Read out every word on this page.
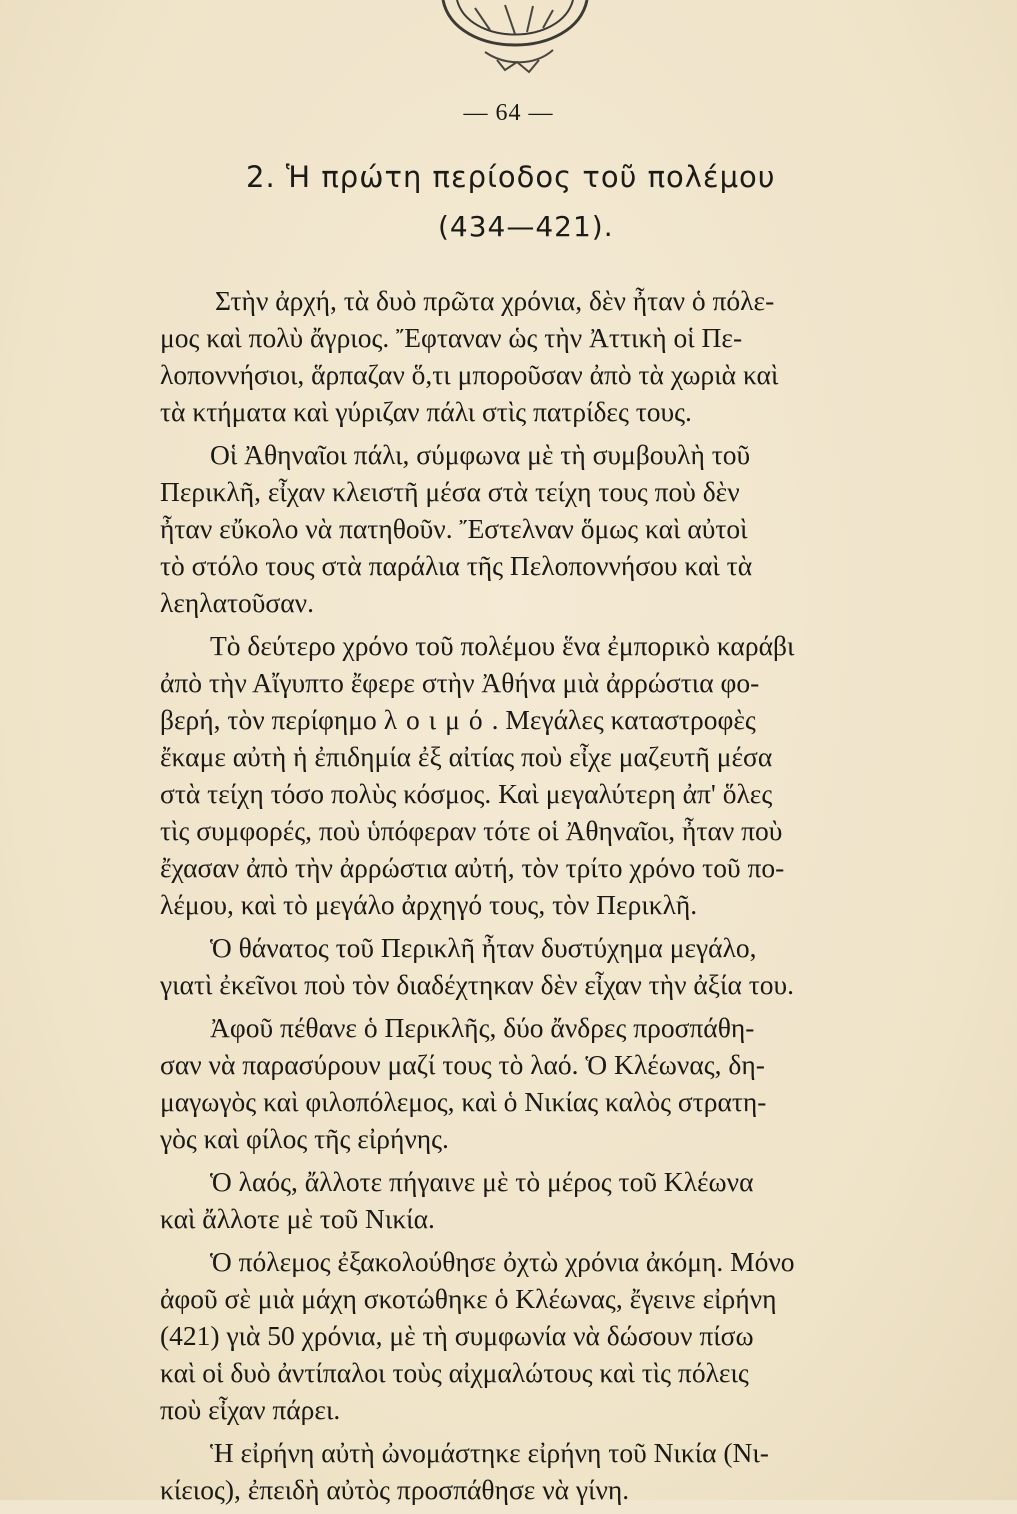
— 64 —
2. Ἡ πρώτη περίοδος τοῦ πολέμου
(434—421).

Στὴν ἀρχή, τὰ δυὸ πρῶτα χρόνια, δὲν ἦταν ὁ πόλε-
μος καὶ πολὺ ἄγριος. Ἔφταναν ὡς τὴν Ἀττικὴ οἱ Πε-
λοποννήσιοι, ἅρπαζαν ὅ,τι μποροῦσαν ἀπὸ τὰ χωριὰ καὶ
τὰ κτήματα καὶ γύριζαν πάλι στὶς πατρίδες τους.

Οἱ Ἀθηναῖοι πάλι, σύμφωνα μὲ τὴ συμβουλὴ τοῦ
Περικλῆ, εἶχαν κλειστῆ μέσα στὰ τείχη τους ποὺ δὲν
ἦταν εὔκολο νὰ πατηθοῦν. Ἔστελναν ὅμως καὶ αὐτοὶ
τὸ στόλο τους στὰ παράλια τῆς Πελοποννήσου καὶ τὰ
λεηλατοῦσαν.

Τὸ δεύτερο χρόνο τοῦ πολέμου ἕνα ἐμπορικὸ καράβι
ἀπὸ τὴν Αἴγυπτο ἔφερε στὴν Ἀθήνα μιὰ ἀρρώστια φο-
βερή, τὸν περίφημο λοιμό. Μεγάλες καταστροφὲς
ἔκαμε αὐτὴ ἡ ἐπιδημία ἐξ αἰτίας ποὺ εἶχε μαζευτῆ μέσα
στὰ τείχη τόσο πολὺς κόσμος. Καὶ μεγαλύτερη ἀπ' ὅλες
τὶς συμφορές, ποὺ ὑπόφεραν τότε οἱ Ἀθηναῖοι, ἦταν ποὺ
ἔχασαν ἀπὸ τὴν ἀρρώστια αὐτή, τὸν τρίτο χρόνο τοῦ πο-
λέμου, καὶ τὸ μεγάλο ἀρχηγό τους, τὸν Περικλῆ.

Ὁ θάνατος τοῦ Περικλῆ ἦταν δυστύχημα μεγάλο,
γιατὶ ἐκεῖνοι ποὺ τὸν διαδέχτηκαν δὲν εἶχαν τὴν ἀξία του.

Ἀφοῦ πέθανε ὁ Περικλῆς, δύο ἄνδρες προσπάθη-
σαν νὰ παρασύρουν μαζί τους τὸ λαό. Ὁ Κλέωνας, δη-
μαγωγὸς καὶ φιλοπόλεμος, καὶ ὁ Νικίας καλὸς στρατη-
γὸς καὶ φίλος τῆς εἰρήνης.

Ὁ λαός, ἄλλοτε πήγαινε μὲ τὸ μέρος τοῦ Κλέωνα
καὶ ἄλλοτε μὲ τοῦ Νικία.

Ὁ πόλεμος ἐξακολούθησε ὀχτὼ χρόνια ἀκόμη. Μόνο
ἀφοῦ σὲ μιὰ μάχη σκοτώθηκε ὁ Κλέωνας, ἔγεινε εἰρήνη
(421) γιὰ 50 χρόνια, μὲ τὴ συμφωνία νὰ δώσουν πίσω
καὶ οἱ δυὸ ἀντίπαλοι τοὺς αἰχμαλώτους καὶ τὶς πόλεις
ποὺ εἶχαν πάρει.

Ἡ εἰρήνη αὐτὴ ὠνομάστηκε εἰρήνη τοῦ Νικία (Νι-
κίειος), ἐπειδὴ αὐτὸς προσπάθησε νὰ γίνη.
